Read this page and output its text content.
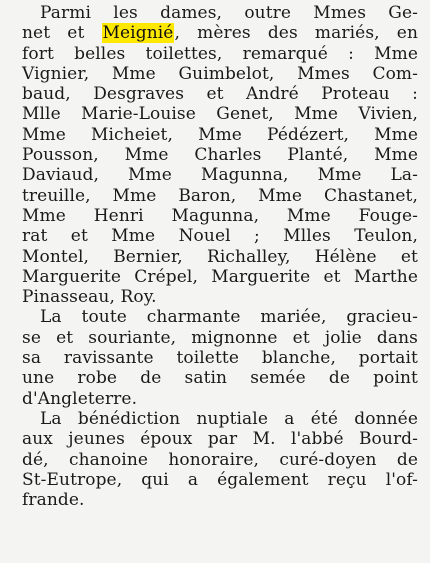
Parmi les dames, outre Mmes Ge-
net et Meignié, mères des mariés, en
fort belles toilettes, remarqué : Mme
Vignier, Mme Guimbelot, Mmes Com-
baud, Desgraves et André Proteau :
Mlle Marie-Louise Genet, Mme Vivien,
Mme Micheiet, Mme Pédézert, Mme
Pousson, Mme Charles Planté, Mme
Daviaud, Mme Magunna, Mme La-
treuille, Mme Baron, Mme Chastanet,
Mme Henri Magunna, Mme Fouge-
rat et Mme Nouel ; Mlles Teulon,
Montel, Bernier, Richalley, Hélène et
Marguerite Crépel, Marguerite et Marthe
Pinasseau, Roy.
La toute charmante mariée, gracieu-
se et souriante, mignonne et jolie dans
sa ravissante toilette blanche, portait
une robe de satin semée de point
d'Angleterre.
La bénédiction nuptiale a été donnée
aux jeunes époux par M. l'abbé Bourd-
dé, chanoine honoraire, curé-doyen de
St-Eutrope, qui a également reçu l'of-
frande.
